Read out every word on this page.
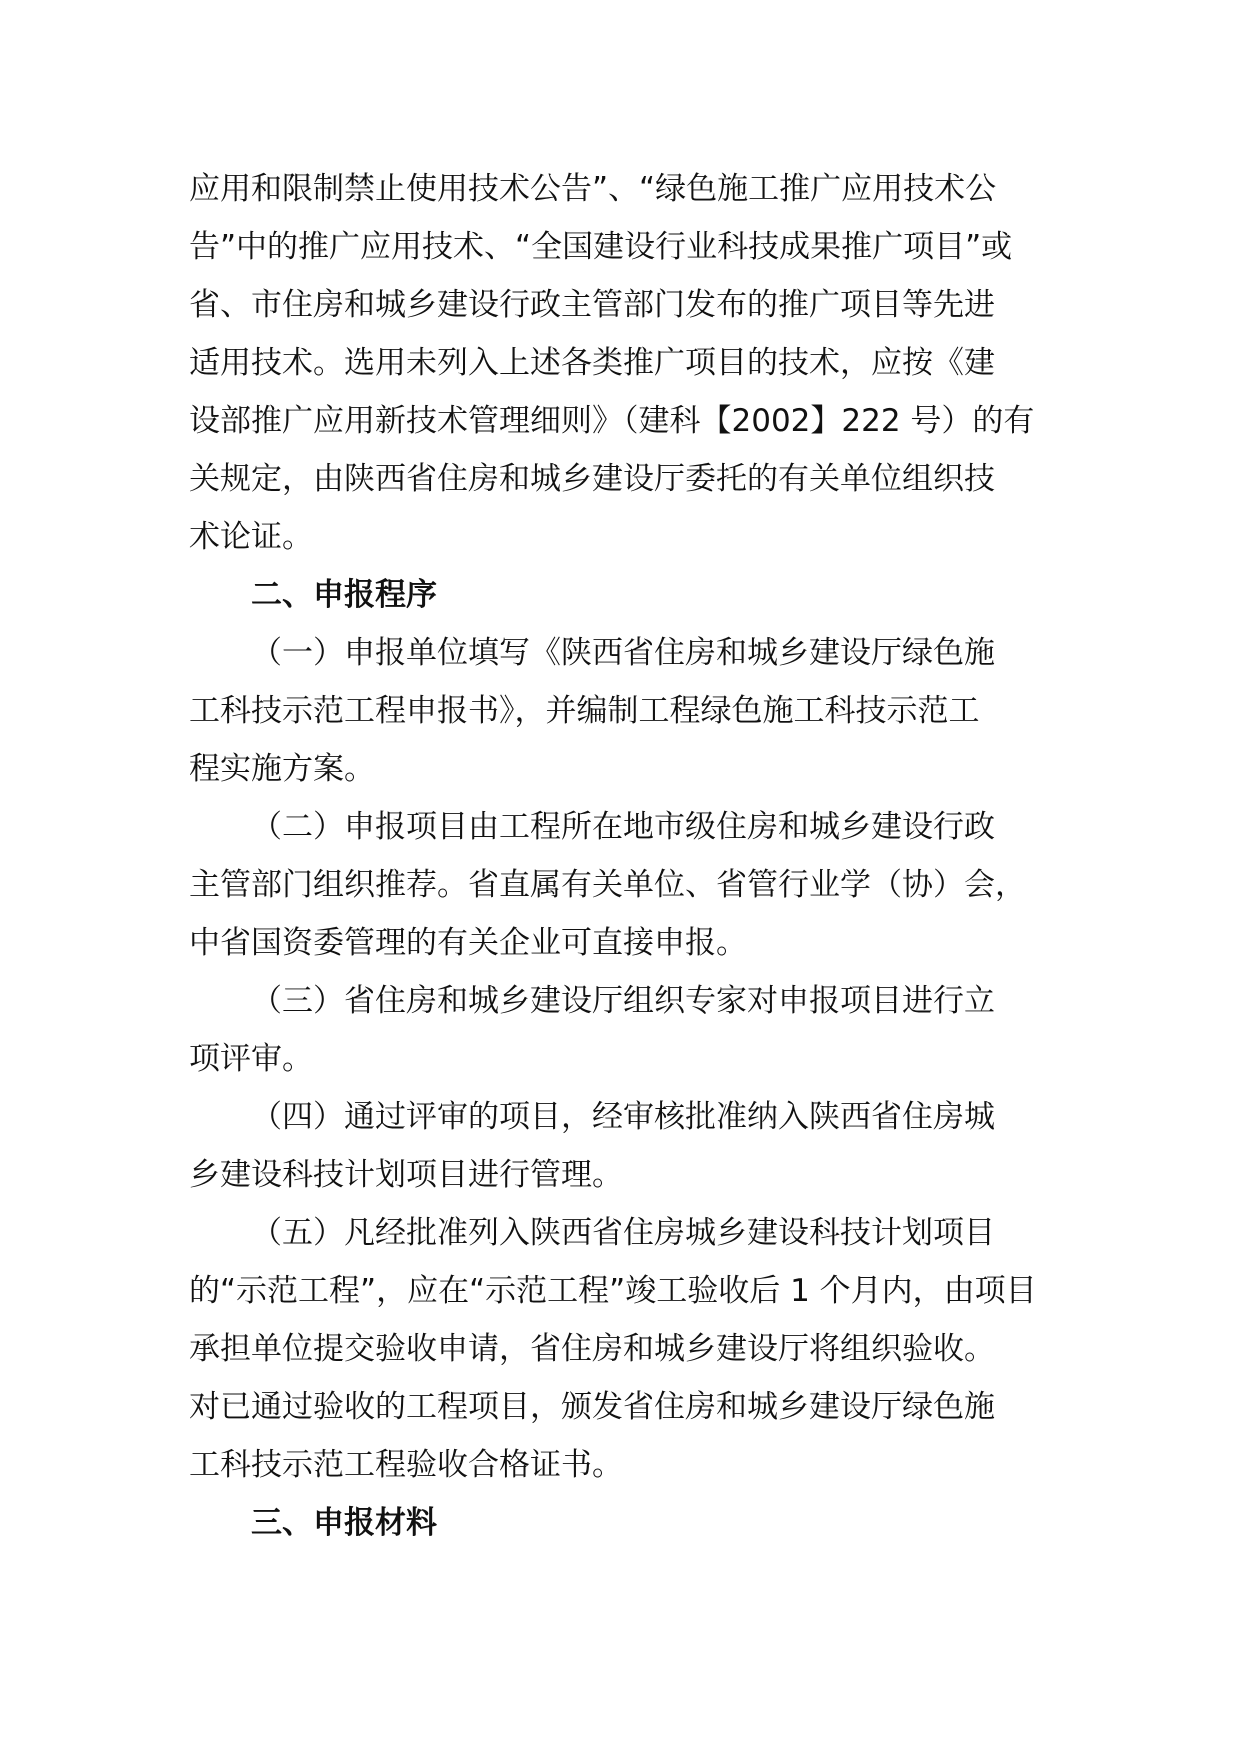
应用和限制禁止使用技术公告”、“绿色施工推广应用技术公
告”中的推广应用技术、“全国建设行业科技成果推广项目”或
省、市住房和城乡建设行政主管部门发布的推广项目等先进
适用技术。选用未列入上述各类推广项目的技术，应按《建
设部推广应用新技术管理细则》（建科【2002】222 号）的有
关规定，由陕西省住房和城乡建设厅委托的有关单位组织技
术论证。
二、申报程序
（一）申报单位填写《陕西省住房和城乡建设厅绿色施
工科技示范工程申报书》，并编制工程绿色施工科技示范工
程实施方案。
（二）申报项目由工程所在地市级住房和城乡建设行政
主管部门组织推荐。省直属有关单位、省管行业学（协）会，
中省国资委管理的有关企业可直接申报。
（三）省住房和城乡建设厅组织专家对申报项目进行立
项评审。
（四）通过评审的项目，经审核批准纳入陕西省住房城
乡建设科技计划项目进行管理。
（五）凡经批准列入陕西省住房城乡建设科技计划项目
的“示范工程”，应在“示范工程”竣工验收后 1 个月内，由项目
承担单位提交验收申请，省住房和城乡建设厅将组织验收。
对已通过验收的工程项目，颁发省住房和城乡建设厅绿色施
工科技示范工程验收合格证书。
三、申报材料
